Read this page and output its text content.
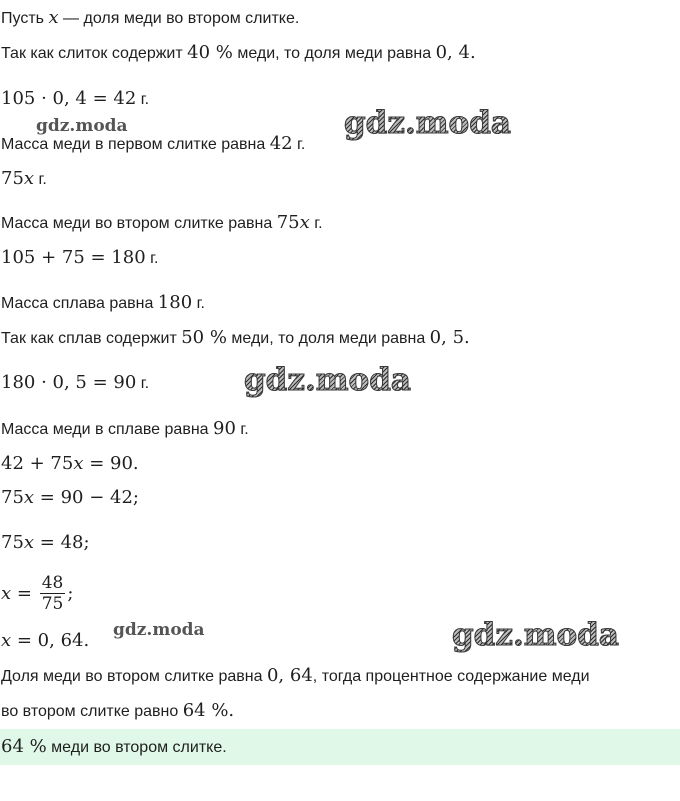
Пусть x — доля меди во втором слитке.
Так как слиток содержит 40 % меди, то доля меди равна 0, 4.
105 · 0, 4 = 42 г.
Масса меди в первом слитке равна 42 г.
75x г.
Масса меди во втором слитке равна 75x г.
105 + 75 = 180 г.
Масса сплава равна 180 г.
Так как сплав содержит 50 % меди, то доля меди равна 0, 5.
180 · 0, 5 = 90 г.
Масса меди в сплаве равна 90 г.
42 + 75x = 90.
75x = 90 − 42;
75x = 48;
$x = \frac{48}{75}$ ;
x = 0, 64.
Доля меди во втором слитке равна 0, 64, тогда процентное содержание меди
во втором слитке равно 64 %.
64 % меди во втором слитке.
gdz.moda	gdz.moda
gdz.moda
gdz.moda	gdz.moda
